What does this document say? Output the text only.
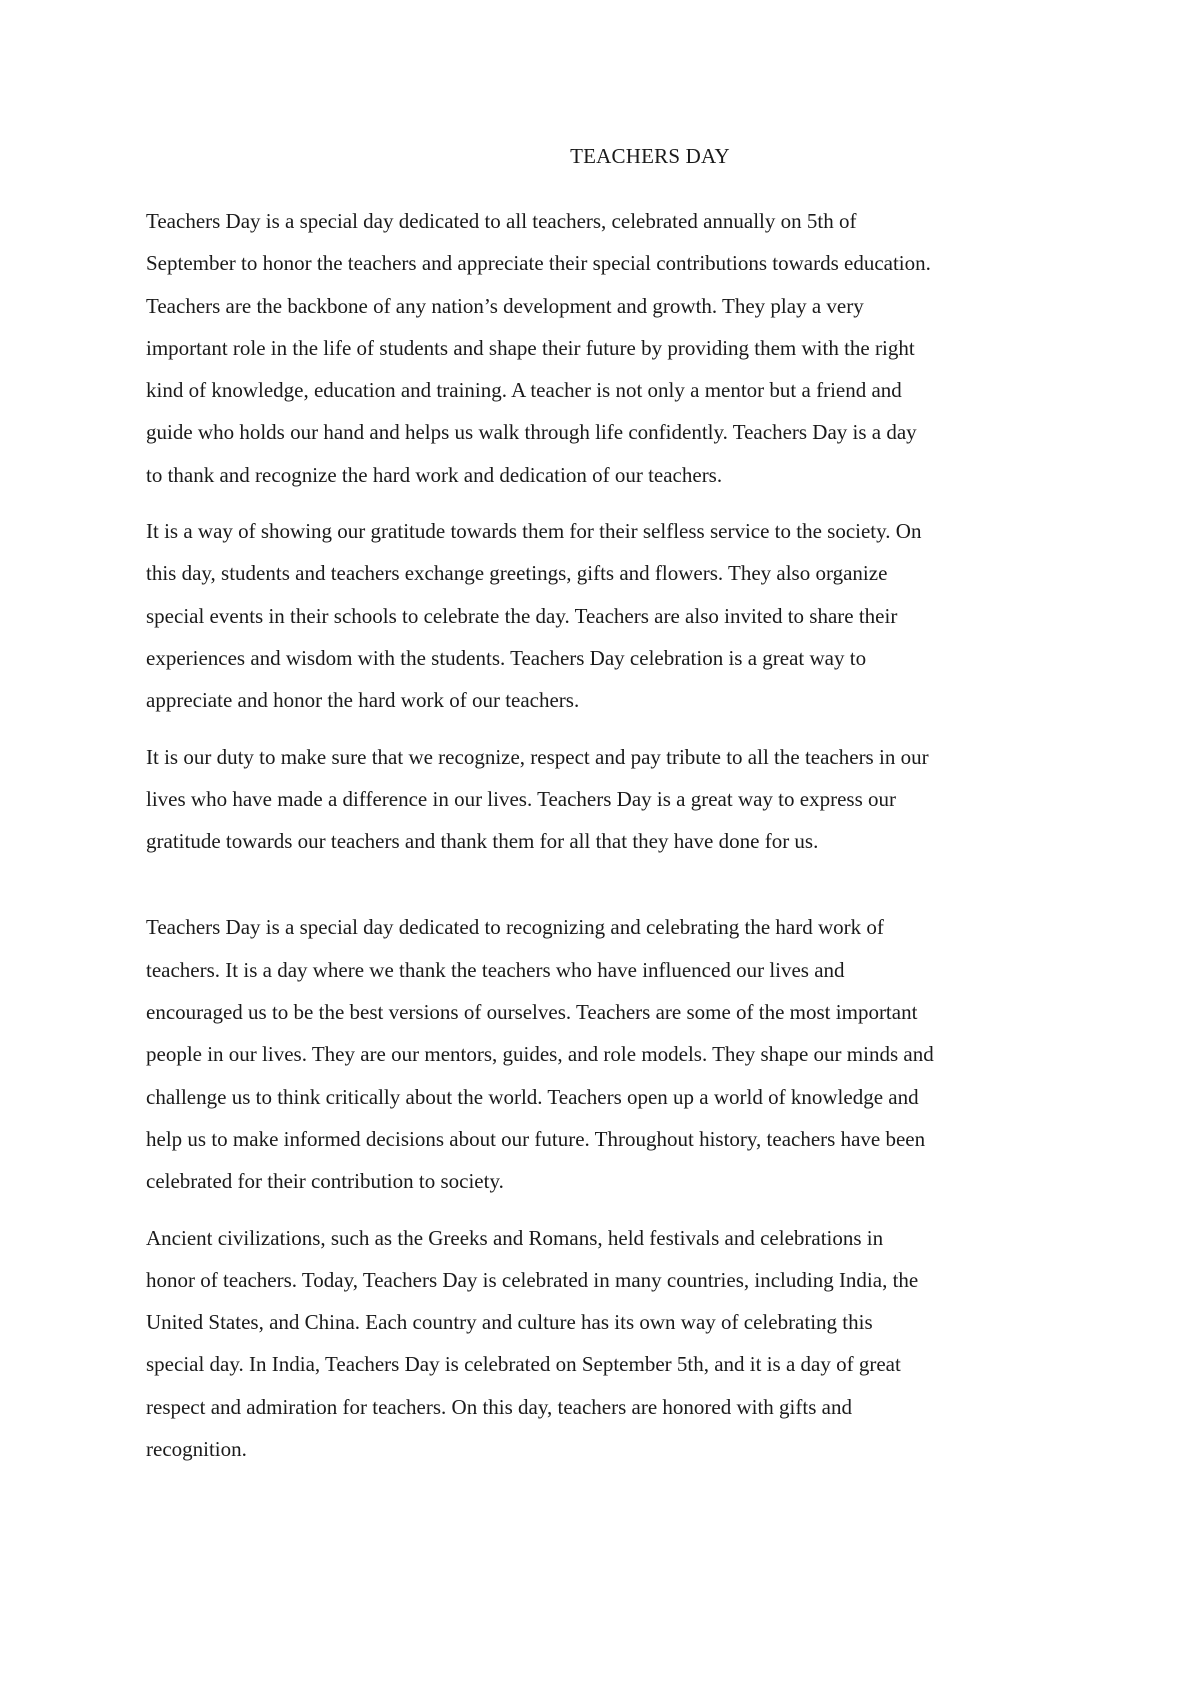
TEACHERS DAY

Teachers Day is a special day dedicated to all teachers, celebrated annually on 5th of
September to honor the teachers and appreciate their special contributions towards education.
Teachers are the backbone of any nation’s development and growth. They play a very
important role in the life of students and shape their future by providing them with the right
kind of knowledge, education and training. A teacher is not only a mentor but a friend and
guide who holds our hand and helps us walk through life confidently. Teachers Day is a day
to thank and recognize the hard work and dedication of our teachers.

It is a way of showing our gratitude towards them for their selfless service to the society. On
this day, students and teachers exchange greetings, gifts and flowers. They also organize
special events in their schools to celebrate the day. Teachers are also invited to share their
experiences and wisdom with the students. Teachers Day celebration is a great way to
appreciate and honor the hard work of our teachers.

It is our duty to make sure that we recognize, respect and pay tribute to all the teachers in our
lives who have made a difference in our lives. Teachers Day is a great way to express our
gratitude towards our teachers and thank them for all that they have done for us.

Teachers Day is a special day dedicated to recognizing and celebrating the hard work of
teachers. It is a day where we thank the teachers who have influenced our lives and
encouraged us to be the best versions of ourselves. Teachers are some of the most important
people in our lives. They are our mentors, guides, and role models. They shape our minds and
challenge us to think critically about the world. Teachers open up a world of knowledge and
help us to make informed decisions about our future. Throughout history, teachers have been
celebrated for their contribution to society.

Ancient civilizations, such as the Greeks and Romans, held festivals and celebrations in
honor of teachers. Today, Teachers Day is celebrated in many countries, including India, the
United States, and China. Each country and culture has its own way of celebrating this
special day. In India, Teachers Day is celebrated on September 5th, and it is a day of great
respect and admiration for teachers. On this day, teachers are honored with gifts and
recognition.
